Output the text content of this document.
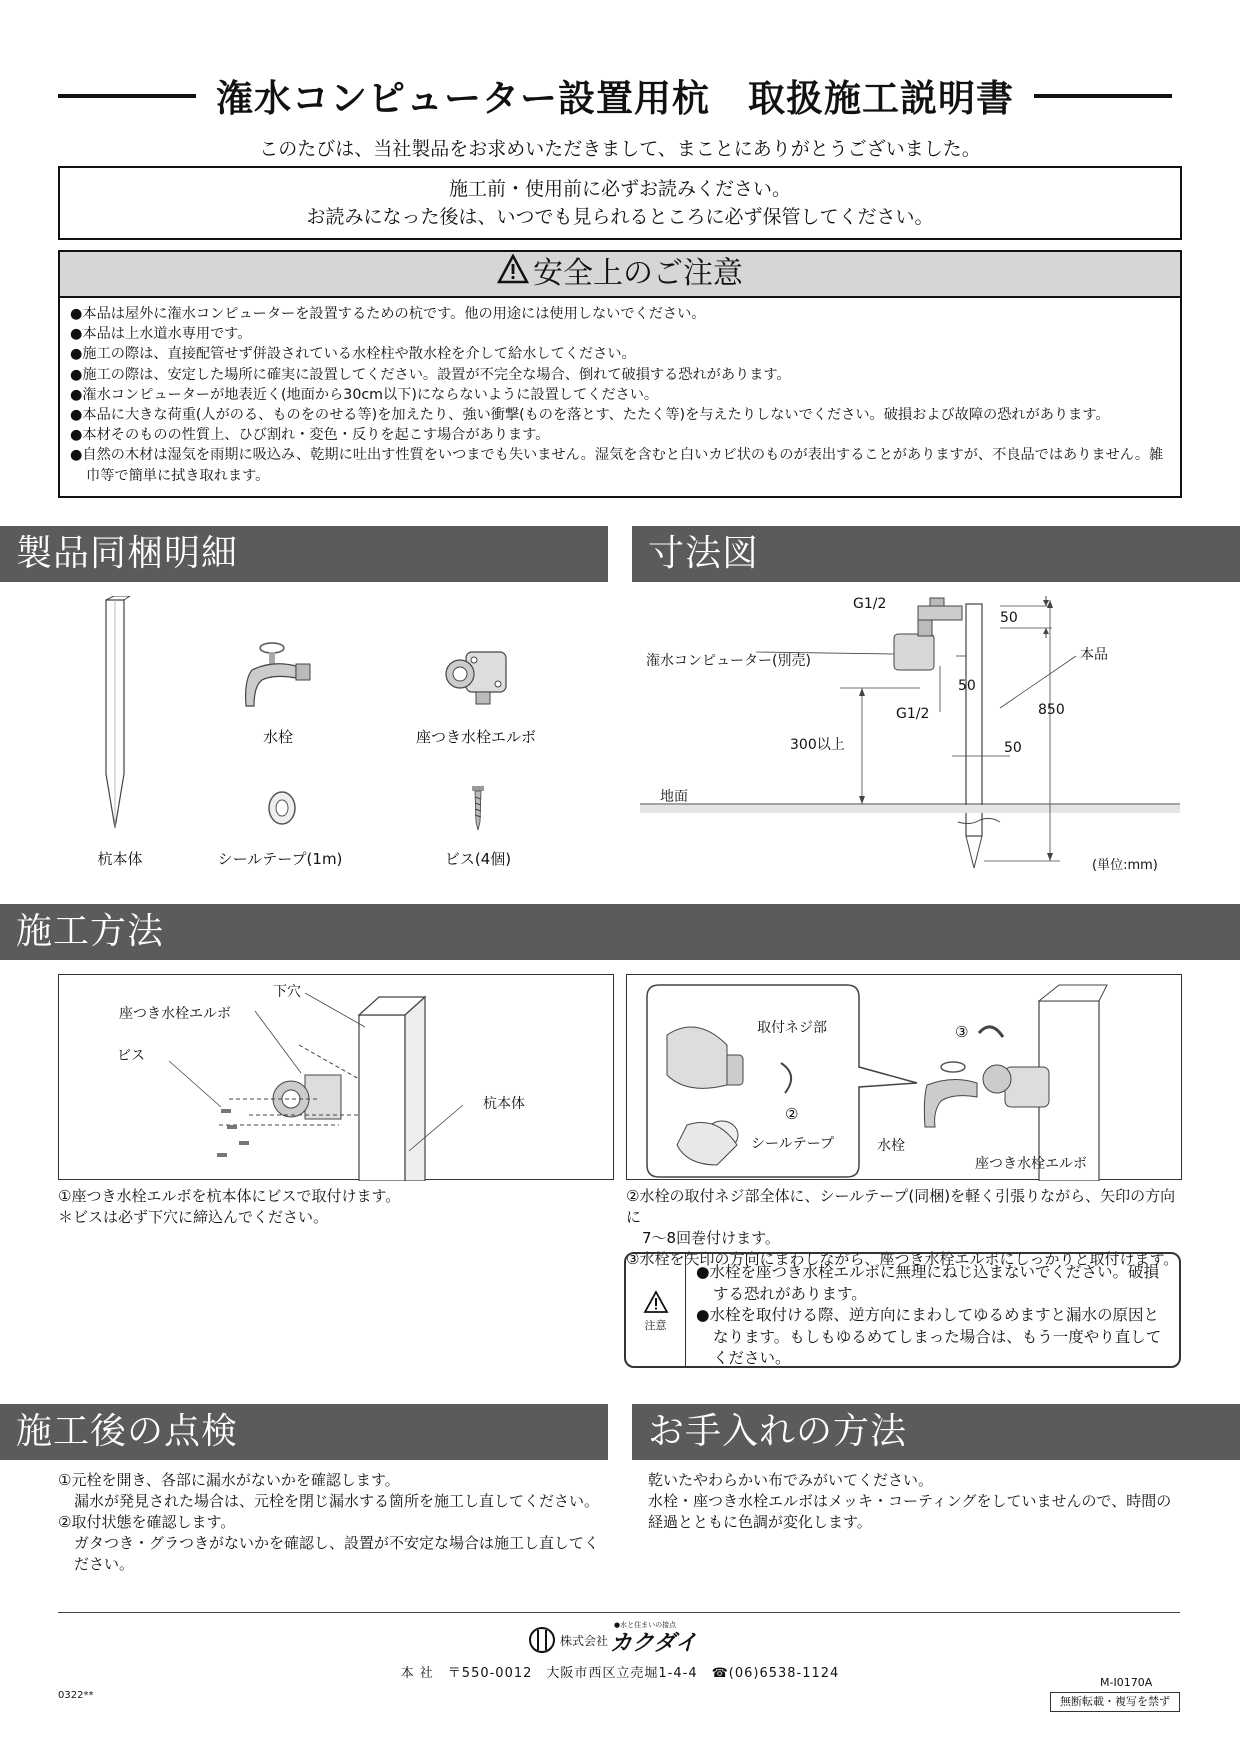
潅水コンピューター設置用杭　取扱施工説明書
このたびは、当社製品をお求めいただきまして、まことにありがとうございました。
施工前・使用前に必ずお読みください。
お読みになった後は、いつでも見られるところに必ず保管してください。
安全上のご注意
●本品は屋外に潅水コンピューターを設置するための杭です。他の用途には使用しないでください。
●本品は上水道水専用です。
●施工の際は、直接配管せず併設されている水栓柱や散水栓を介して給水してください。
●施工の際は、安定した場所に確実に設置してください。設置が不完全な場合、倒れて破損する恐れがあります。
●潅水コンピューターが地表近く(地面から30cm以下)にならないように設置してください。
●本品に大きな荷重(人がのる、ものをのせる等)を加えたり、強い衝撃(ものを落とす、たたく等)を与えたりしないでください。破損および故障の恐れがあります。
●本材そのものの性質上、ひび割れ・変色・反りを起こす場合があります。
●自然の木材は湿気を雨期に吸込み、乾期に吐出す性質をいつまでも失いません。湿気を含むと白いカビ状のものが表出することがありますが、不良品ではありません。雑巾等で簡単に拭き取れます。
製品同梱明細	寸法図
杭本体
水栓	座つき水栓エルボ
シールテープ(1m)	ビス(4個)
G1/2
潅水コンピューター(別売)	本品
50
50
G1/2	850
300以上	50
地面
(単位:mm)
施工方法
下穴
座つき水栓エルボ
ビス
杭本体
取付ネジ部	③
②
シールテープ	水栓
座つき水栓エルボ
①座つき水栓エルボを杭本体にビスで取付けます。
＊ビスは必ず下穴に締込んでください。
②水栓の取付ネジ部全体に、シールテープ(同梱)を軽く引張りながら、矢印の方向に
7〜8回巻付けます。
③水栓を矢印の方向にまわしながら、座つき水栓エルボにしっかりと取付けます。
注意
●水栓を座つき水栓エルボに無理にねじ込まないでください。破損する恐れがあります。
●水栓を取付ける際、逆方向にまわしてゆるめますと漏水の原因となります。もしもゆるめてしまった場合は、もう一度やり直してください。
施工後の点検	お手入れの方法
①元栓を開き、各部に漏水がないかを確認します。
漏水が発見された場合は、元栓を閉じ漏水する箇所を施工し直してください。
②取付状態を確認します。
ガタつき・グラつきがないかを確認し、設置が不安定な場合は施工し直してください。
乾いたやわらかい布でみがいてください。
水栓・座つき水栓エルボはメッキ・コーティングをしていませんので、時間の経過とともに色調が変化します。
●水と住まいの接点
株式会社 カクダイ
本 社　〒550-0012　大阪市西区立売堀1-4-4　☎(06)6538-1124
0322**
M-I0170A
無断転載・複写を禁ず
